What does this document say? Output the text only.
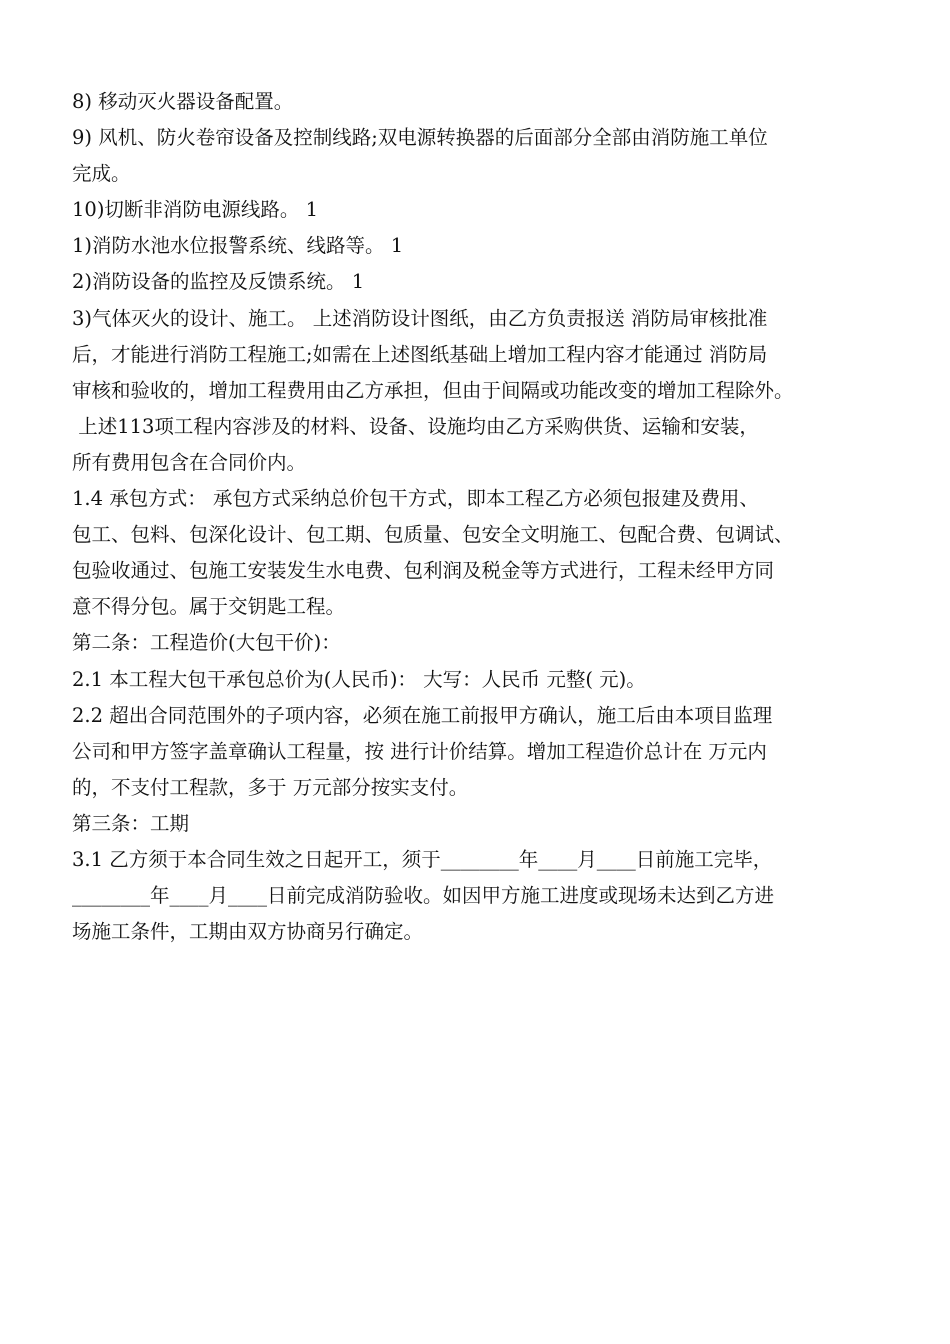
8) 移动灭火器设备配置。
9) 风机、防火卷帘设备及控制线路;双电源转换器的后面部分全部由消防施工单位
完成。
10)切断非消防电源线路。 1
1)消防水池水位报警系统、线路等。 1
2)消防设备的监控及反馈系统。 1
3)气体灭火的设计、施工。 上述消防设计图纸，由乙方负责报送 消防局审核批准
后，才能进行消防工程施工;如需在上述图纸基础上增加工程内容才能通过 消防局
审核和验收的，增加工程费用由乙方承担，但由于间隔或功能改变的增加工程除外。
上述113项工程内容涉及的材料、设备、设施均由乙方采购供货、运输和安装，
所有费用包含在合同价内。
1.4 承包方式： 承包方式采纳总价包干方式，即本工程乙方必须包报建及费用、
包工、包料、包深化设计、包工期、包质量、包安全文明施工、包配合费、包调试、
包验收通过、包施工安装发生水电费、包利润及税金等方式进行，工程未经甲方同
意不得分包。属于交钥匙工程。
第二条：工程造价(大包干价)：
2.1 本工程大包干承包总价为(人民币)： 大写：人民币 元整( 元)。
2.2 超出合同范围外的子项内容，必须在施工前报甲方确认，施工后由本项目监理
公司和甲方签字盖章确认工程量，按 进行计价结算。增加工程造价总计在 万元内
的，不支付工程款，多于 万元部分按实支付。
第三条：工期
3.1 乙方须于本合同生效之日起开工，须于________年____月____日前施工完毕，
________年____月____日前完成消防验收。如因甲方施工进度或现场未达到乙方进
场施工条件，工期由双方协商另行确定。
